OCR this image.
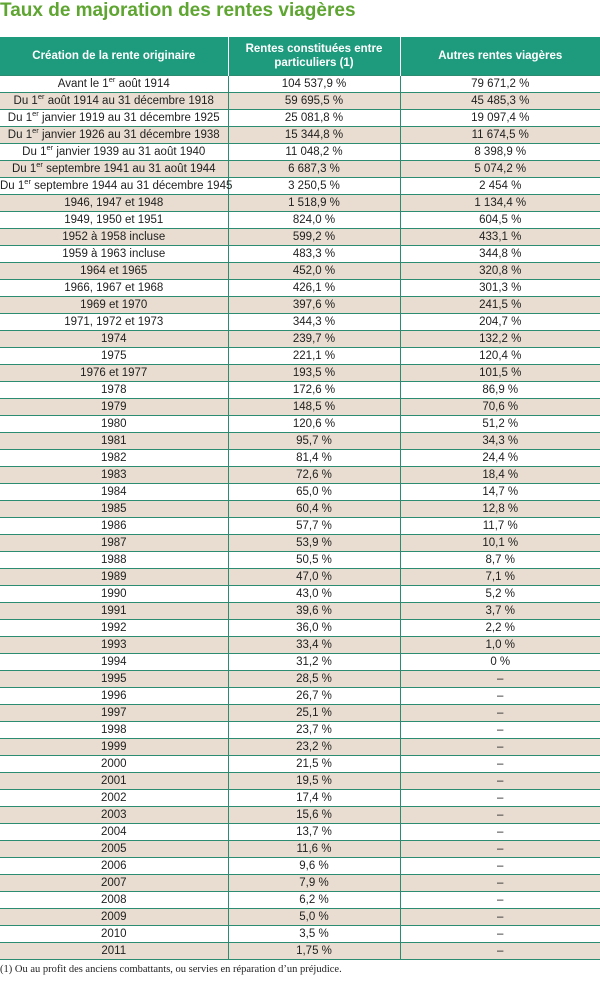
Taux de majoration des rentes viagères
Création de la rente originaire	Rentes constituées entre particuliers (1)	Autres rentes viagères
Avant le 1er août 1914	104 537,9 %	79 671,2 %
Du 1er août 1914 au 31 décembre 1918	59 695,5 %	45 485,3 %
Du 1er janvier 1919 au 31 décembre 1925	25 081,8 %	19 097,4 %
Du 1er janvier 1926 au 31 décembre 1938	15 344,8 %	11 674,5 %
Du 1er janvier 1939 au 31 août 1940	11 048,2 %	8 398,9 %
Du 1er septembre 1941 au 31 août 1944	6 687,3 %	5 074,2 %
Du 1er septembre 1944 au 31 décembre 1945	3 250,5 %	2 454 %
1946, 1947 et 1948	1 518,9 %	1 134,4 %
1949, 1950 et 1951	824,0 %	604,5 %
1952 à 1958 incluse	599,2 %	433,1 %
1959 à 1963 incluse	483,3 %	344,8 %
1964 et 1965	452,0 %	320,8 %
1966, 1967 et 1968	426,1 %	301,3 %
1969 et 1970	397,6 %	241,5 %
1971, 1972 et 1973	344,3 %	204,7 %
1974	239,7 %	132,2 %
1975	221,1 %	120,4 %
1976 et 1977	193,5 %	101,5 %
1978	172,6 %	86,9 %
1979	148,5 %	70,6 %
1980	120,6 %	51,2 %
1981	95,7 %	34,3 %
1982	81,4 %	24,4 %
1983	72,6 %	18,4 %
1984	65,0 %	14,7 %
1985	60,4 %	12,8 %
1986	57,7 %	11,7 %
1987	53,9 %	10,1 %
1988	50,5 %	8,7 %
1989	47,0 %	7,1 %
1990	43,0 %	5,2 %
1991	39,6 %	3,7 %
1992	36,0 %	2,2 %
1993	33,4 %	1,0 %
1994	31,2 %	0 %
1995	28,5 %	–
1996	26,7 %	–
1997	25,1 %	–
1998	23,7 %	–
1999	23,2 %	–
2000	21,5 %	–
2001	19,5 %	–
2002	17,4 %	–
2003	15,6 %	–
2004	13,7 %	–
2005	11,6 %	–
2006	9,6 %	–
2007	7,9 %	–
2008	6,2 %	–
2009	5,0 %	–
2010	3,5 %	–
2011	1,75 %	–
(1) Ou au profit des anciens combattants, ou servies en réparation d’un préjudice.
